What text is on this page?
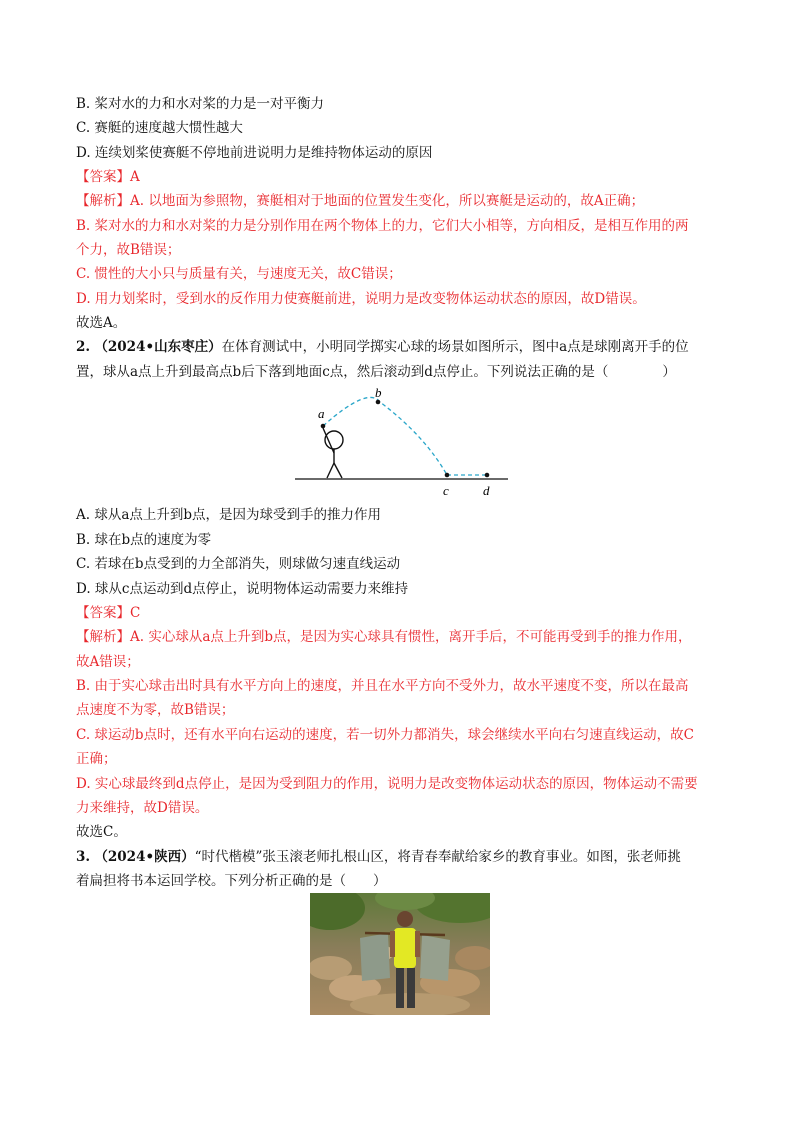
B. 桨对水的力和水对桨的力是一对平衡力
C. 赛艇的速度越大惯性越大
D. 连续划桨使赛艇不停地前进说明力是维持物体运动的原因
【答案】A
【解析】A. 以地面为参照物，赛艇相对于地面的位置发生变化，所以赛艇是运动的，故A正确；
B. 桨对水的力和水对桨的力是分别作用在两个物体上的力，它们大小相等，方向相反，是相互作用的两
个力，故B错误；
C. 惯性的大小只与质量有关，与速度无关，故C错误；
D. 用力划桨时，受到水的反作用力使赛艇前进，说明力是改变物体运动状态的原因，故D错误。
故选A。
2. （2024•山东枣庄）在体育测试中，小明同学掷实心球的场景如图所示，图中a点是球刚离开手的位
置，球从a点上升到最高点b后下落到地面c点，然后滚动到d点停止。下列说法正确的是（　　　　）
a
b
c	d
A. 球从a点上升到b点，是因为球受到手的推力作用
B. 球在b点的速度为零
C. 若球在b点受到的力全部消失，则球做匀速直线运动
D. 球从c点运动到d点停止，说明物体运动需要力来维持
【答案】C
【解析】A. 实心球从a点上升到b点，是因为实心球具有惯性，离开手后，不可能再受到手的推力作用，
故A错误；
B. 由于实心球击出时具有水平方向上的速度，并且在水平方向不受外力，故水平速度不变，所以在最高
点速度不为零，故B错误；
C. 球运动b点时，还有水平向右运动的速度，若一切外力都消失，球会继续水平向右匀速直线运动，故C
正确；
D. 实心球最终到d点停止，是因为受到阻力的作用，说明力是改变物体运动状态的原因，物体运动不需要
力来维持，故D错误。
故选C。
3. （2024•陕西）“时代楷模”张玉滚老师扎根山区，将青春奉献给家乡的教育事业。如图，张老师挑
着扁担将书本运回学校。下列分析正确的是（　　）
